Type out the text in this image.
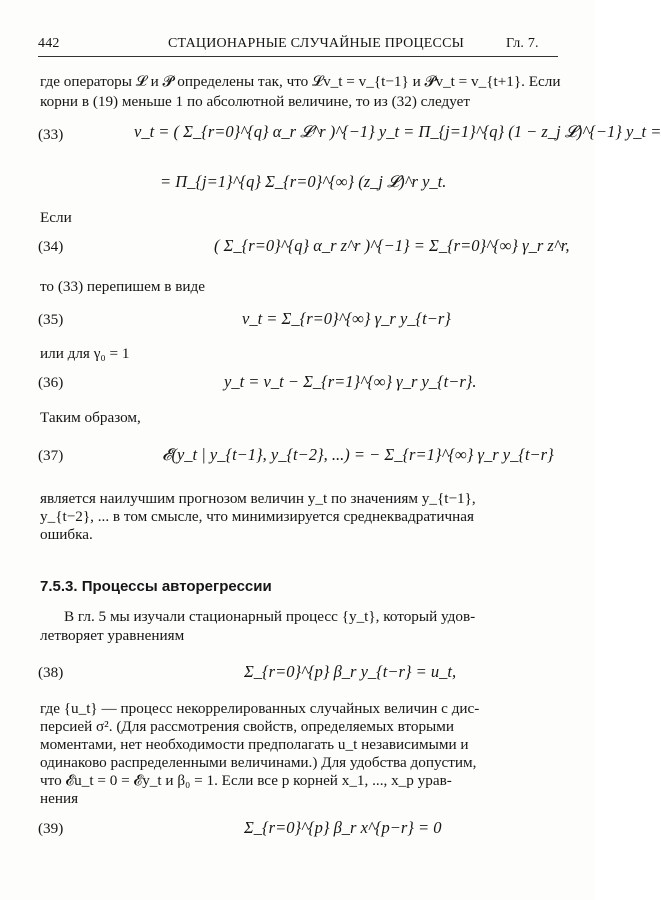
442	СТАЦИОНАРНЫЕ СЛУЧАЙНЫЕ ПРОЦЕССЫ	Гл. 7.
где операторы 𝓛 и 𝓟 определены так, что 𝓛v_t = v_{t−1} и 𝓟v_t = v_{t+1}. Если
корни в (19) меньше 1 по абсолютной величине, то из (32) следует
(33)	v_t = ( Σ_{r=0}^{q} α_r 𝓛^r )^{−1} y_t = Π_{j=1}^{q} (1 − z_j 𝓛)^{−1} y_t =
= Π_{j=1}^{q} Σ_{r=0}^{∞} (z_j 𝓛)^r y_t.
Если
(34)	( Σ_{r=0}^{q} α_r z^r )^{−1} = Σ_{r=0}^{∞} γ_r z^r,
то (33) перепишем в виде
(35)	v_t = Σ_{r=0}^{∞} γ_r y_{t−r}
или для γ₀ = 1
(36)	y_t = v_t − Σ_{r=1}^{∞} γ_r y_{t−r}.
Таким образом,
(37)	𝓔(y_t | y_{t−1}, y_{t−2}, ...) = − Σ_{r=1}^{∞} γ_r y_{t−r}
является наилучшим прогнозом величин y_t по значениям y_{t−1},
y_{t−2}, ... в том смысле, что минимизируется среднеквадратичная
ошибка.
7.5.3. Процессы авторегрессии
В гл. 5 мы изучали стационарный процесс {y_t}, который удов-
летворяет уравнениям
(38)	Σ_{r=0}^{p} β_r y_{t−r} = u_t,
где {u_t} — процесс некоррелированных случайных величин с дис-
персией σ². (Для рассмотрения свойств, определяемых вторыми
моментами, нет необходимости предполагать u_t независимыми и
одинаково распределенными величинами.) Для удобства допустим,
что 𝓔u_t = 0 = 𝓔y_t и β₀ = 1. Если все p корней x_1, ..., x_p урав-
нения
(39)	Σ_{r=0}^{p} β_r x^{p−r} = 0
